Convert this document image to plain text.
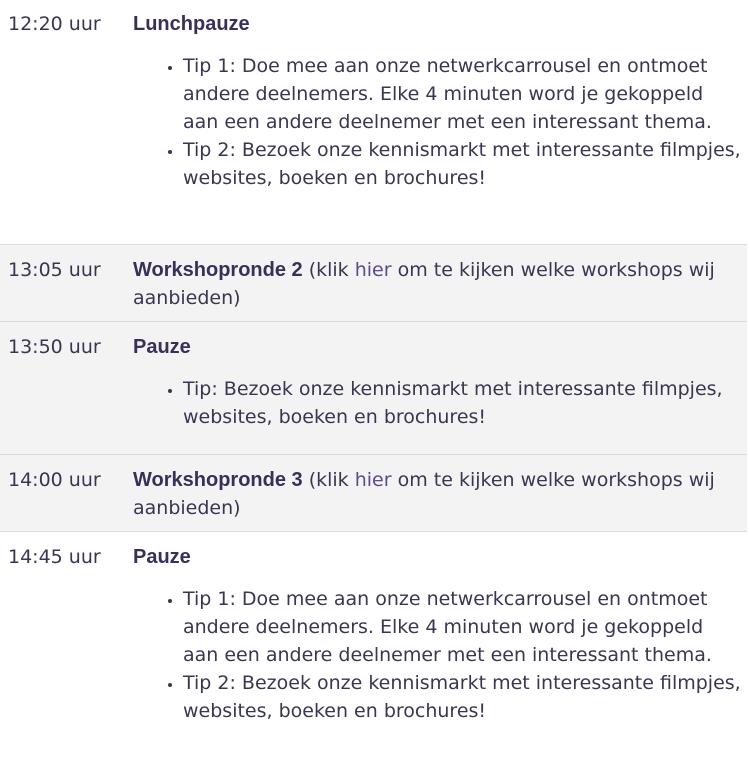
12:20 uur	Lunchpauze
• Tip 1: Doe mee aan onze netwerkcarrousel en ontmoet andere deelnemers. Elke 4 minuten word je gekoppeld aan een andere deelnemer met een interessant thema.
• Tip 2: Bezoek onze kennismarkt met interessante filmpjes, websites, boeken en brochures!
13:05 uur	Workshopronde 2 (klik hier om te kijken welke workshops wij aanbieden)
13:50 uur	Pauze
• Tip: Bezoek onze kennismarkt met interessante filmpjes, websites, boeken en brochures!
14:00 uur	Workshopronde 3 (klik hier om te kijken welke workshops wij aanbieden)
14:45 uur	Pauze
• Tip 1: Doe mee aan onze netwerkcarrousel en ontmoet andere deelnemers. Elke 4 minuten word je gekoppeld aan een andere deelnemer met een interessant thema.
• Tip 2: Bezoek onze kennismarkt met interessante filmpjes, websites, boeken en brochures!
